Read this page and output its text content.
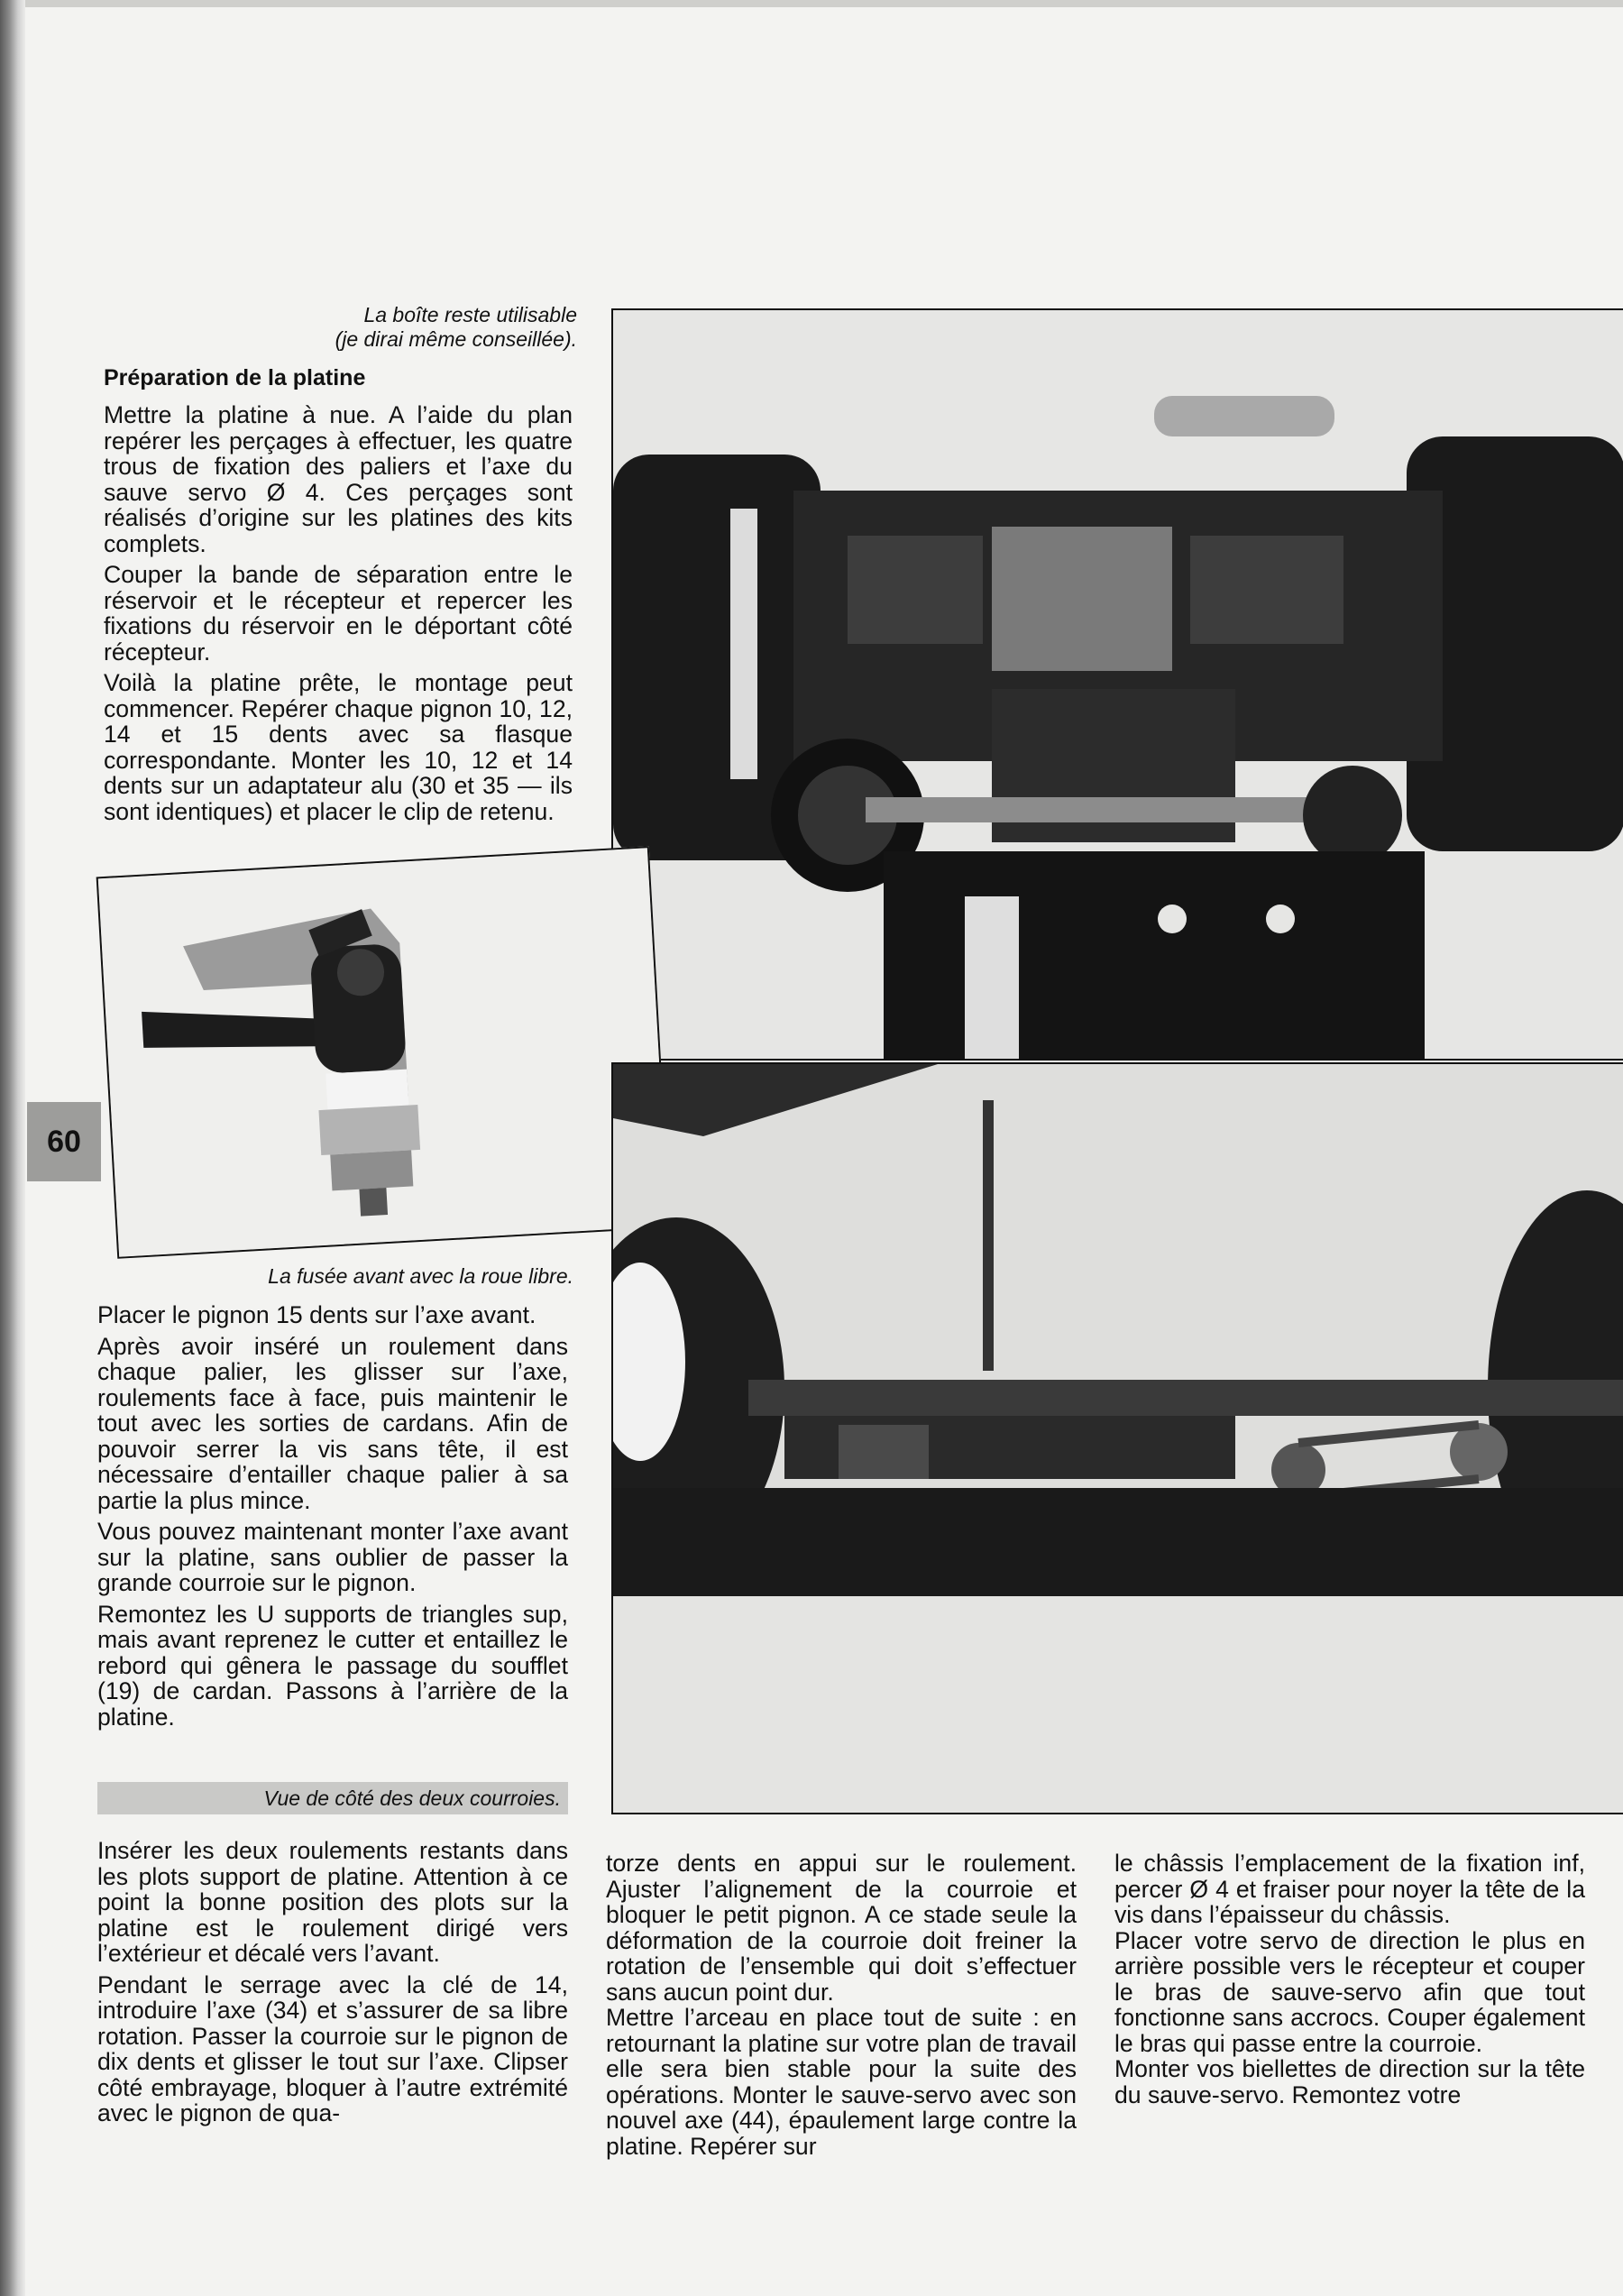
60
La boîte reste utilisable
(je dirai même conseillée).
Préparation de la platine

Mettre la platine à nue. A l’aide du plan repérer les perçages à effectuer, les quatre trous de fixation des paliers et l’axe du sauve servo Ø 4. Ces perçages sont réalisés d’origine sur les platines des kits complets.

Couper la bande de séparation entre le réservoir et le récepteur et repercer les fixations du réservoir en le déportant côté récepteur.

Voilà la platine prête, le montage peut commencer. Repérer chaque pignon 10, 12, 14 et 15 dents avec sa flasque correspondante. Monter les 10, 12 et 14 dents sur un adaptateur alu (30 et 35 — ils sont identiques) et placer le clip de retenu.

La fusée avant avec la roue libre.

Placer le pignon 15 dents sur l’axe avant.

Après avoir inséré un roulement dans chaque palier, les glisser sur l’axe, roulements face à face, puis maintenir le tout avec les sorties de cardans. Afin de pouvoir serrer la vis sans tête, il est nécessaire d’entailler chaque palier à sa partie la plus mince.

Vous pouvez maintenant monter l’axe avant sur la platine, sans oublier de passer la grande courroie sur le pignon.

Remontez les U supports de triangles sup, mais avant reprenez le cutter et entaillez le rebord qui gênera le passage du soufflet (19) de cardan. Passons à l’arrière de la platine.

Vue de côté des deux courroies.

Insérer les deux roulements restants dans les plots support de platine. Attention à ce point la bonne position des plots sur la platine est le roulement dirigé vers l’extérieur et décalé vers l’avant.

Pendant le serrage avec la clé de 14, introduire l’axe (34) et s’assurer de sa libre rotation. Passer la courroie sur le pignon de dix dents et glisser le tout sur l’axe. Clipser côté embrayage, bloquer à l’autre extrémité avec le pignon de qua-

torze dents en appui sur le roulement. Ajuster l’alignement de la courroie et bloquer le petit pignon. A ce stade seule la déformation de la courroie doit freiner la rotation de l’ensemble qui doit s’effectuer sans aucun point dur.

Mettre l’arceau en place tout de suite : en retournant la platine sur votre plan de travail elle sera bien stable pour la suite des opérations. Monter le sauve-servo avec son nouvel axe (44), épaulement large contre la platine. Repérer sur

le châssis l’emplacement de la fixation inf, percer Ø 4 et fraiser pour noyer la tête de la vis dans l’épaisseur du châssis.

Placer votre servo de direction le plus en arrière possible vers le récepteur et couper le bras de sauve-servo afin que tout fonctionne sans accrocs. Couper également le bras qui passe entre la courroie.

Monter vos biellettes de direction sur la tête du sauve-servo. Remontez votre
